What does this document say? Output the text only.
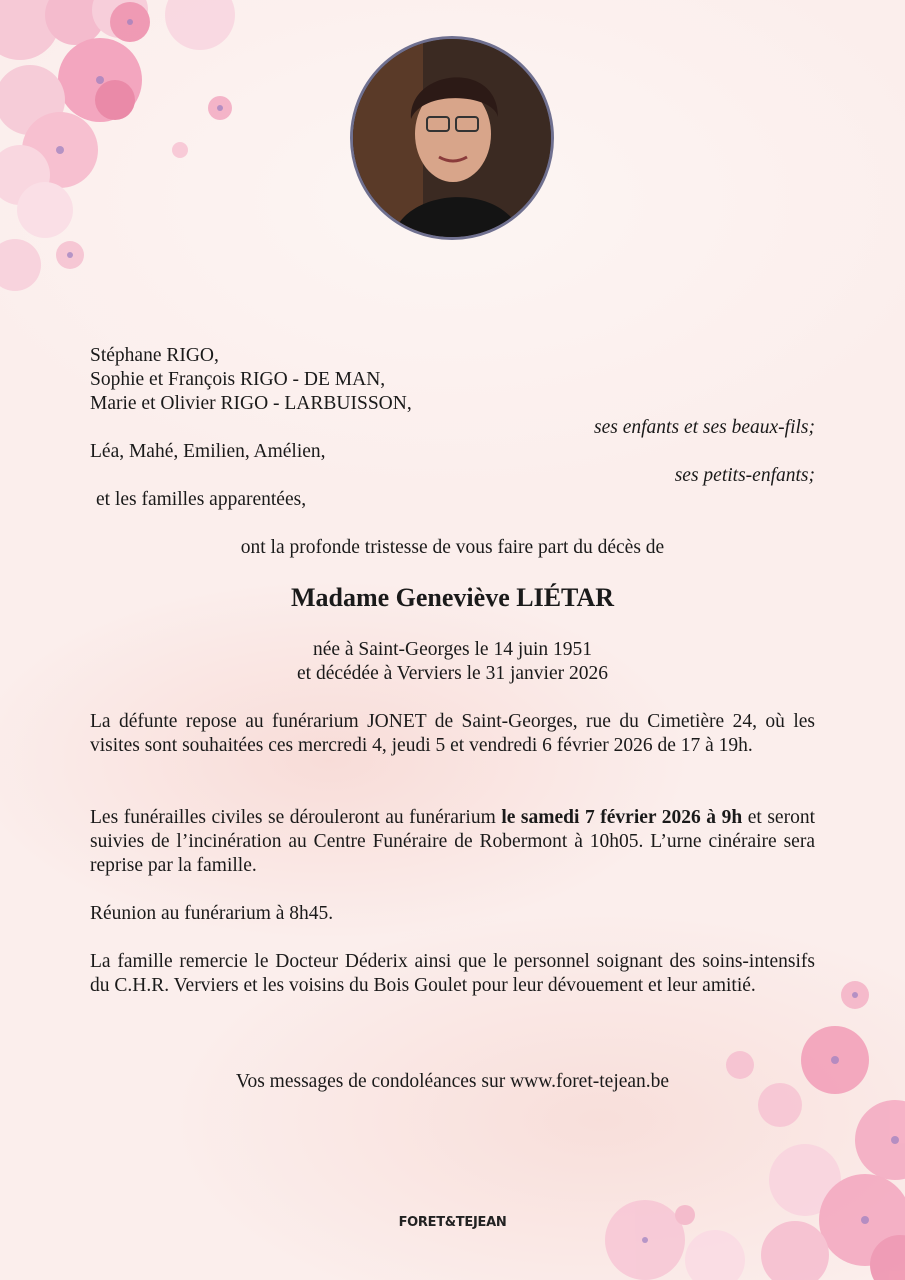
Stéphane RIGO,
Sophie et François RIGO - DE MAN,
Marie et Olivier RIGO - LARBUISSON,
ses enfants et ses beaux-fils;
Léa, Mahé, Emilien, Amélien,
ses petits-enfants;
et les familles apparentées,
ont la profonde tristesse de vous faire part du décès de
Madame Geneviève LIÉTAR
née à Saint-Georges le 14 juin 1951
et décédée à Verviers le 31 janvier 2026
La défunte repose au funérarium JONET de Saint-Georges, rue du Cimetière 24, où les visites sont souhaitées ces mercredi 4, jeudi 5 et vendredi 6 février 2026 de 17 à 19h.
Les funérailles civiles se dérouleront au funérarium le samedi 7 février 2026 à 9h et seront suivies de l’incinération au Centre Funéraire de Robermont à 10h05. L’urne cinéraire sera reprise par la famille.
Réunion au funérarium à 8h45.
La famille remercie le Docteur Déderix ainsi que le personnel soignant des soins-intensifs du C.H.R. Verviers et les voisins du Bois Goulet pour leur dévouement et leur amitié.
Vos messages de condoléances sur www.foret-tejean.be
FORET&TEJEAN
